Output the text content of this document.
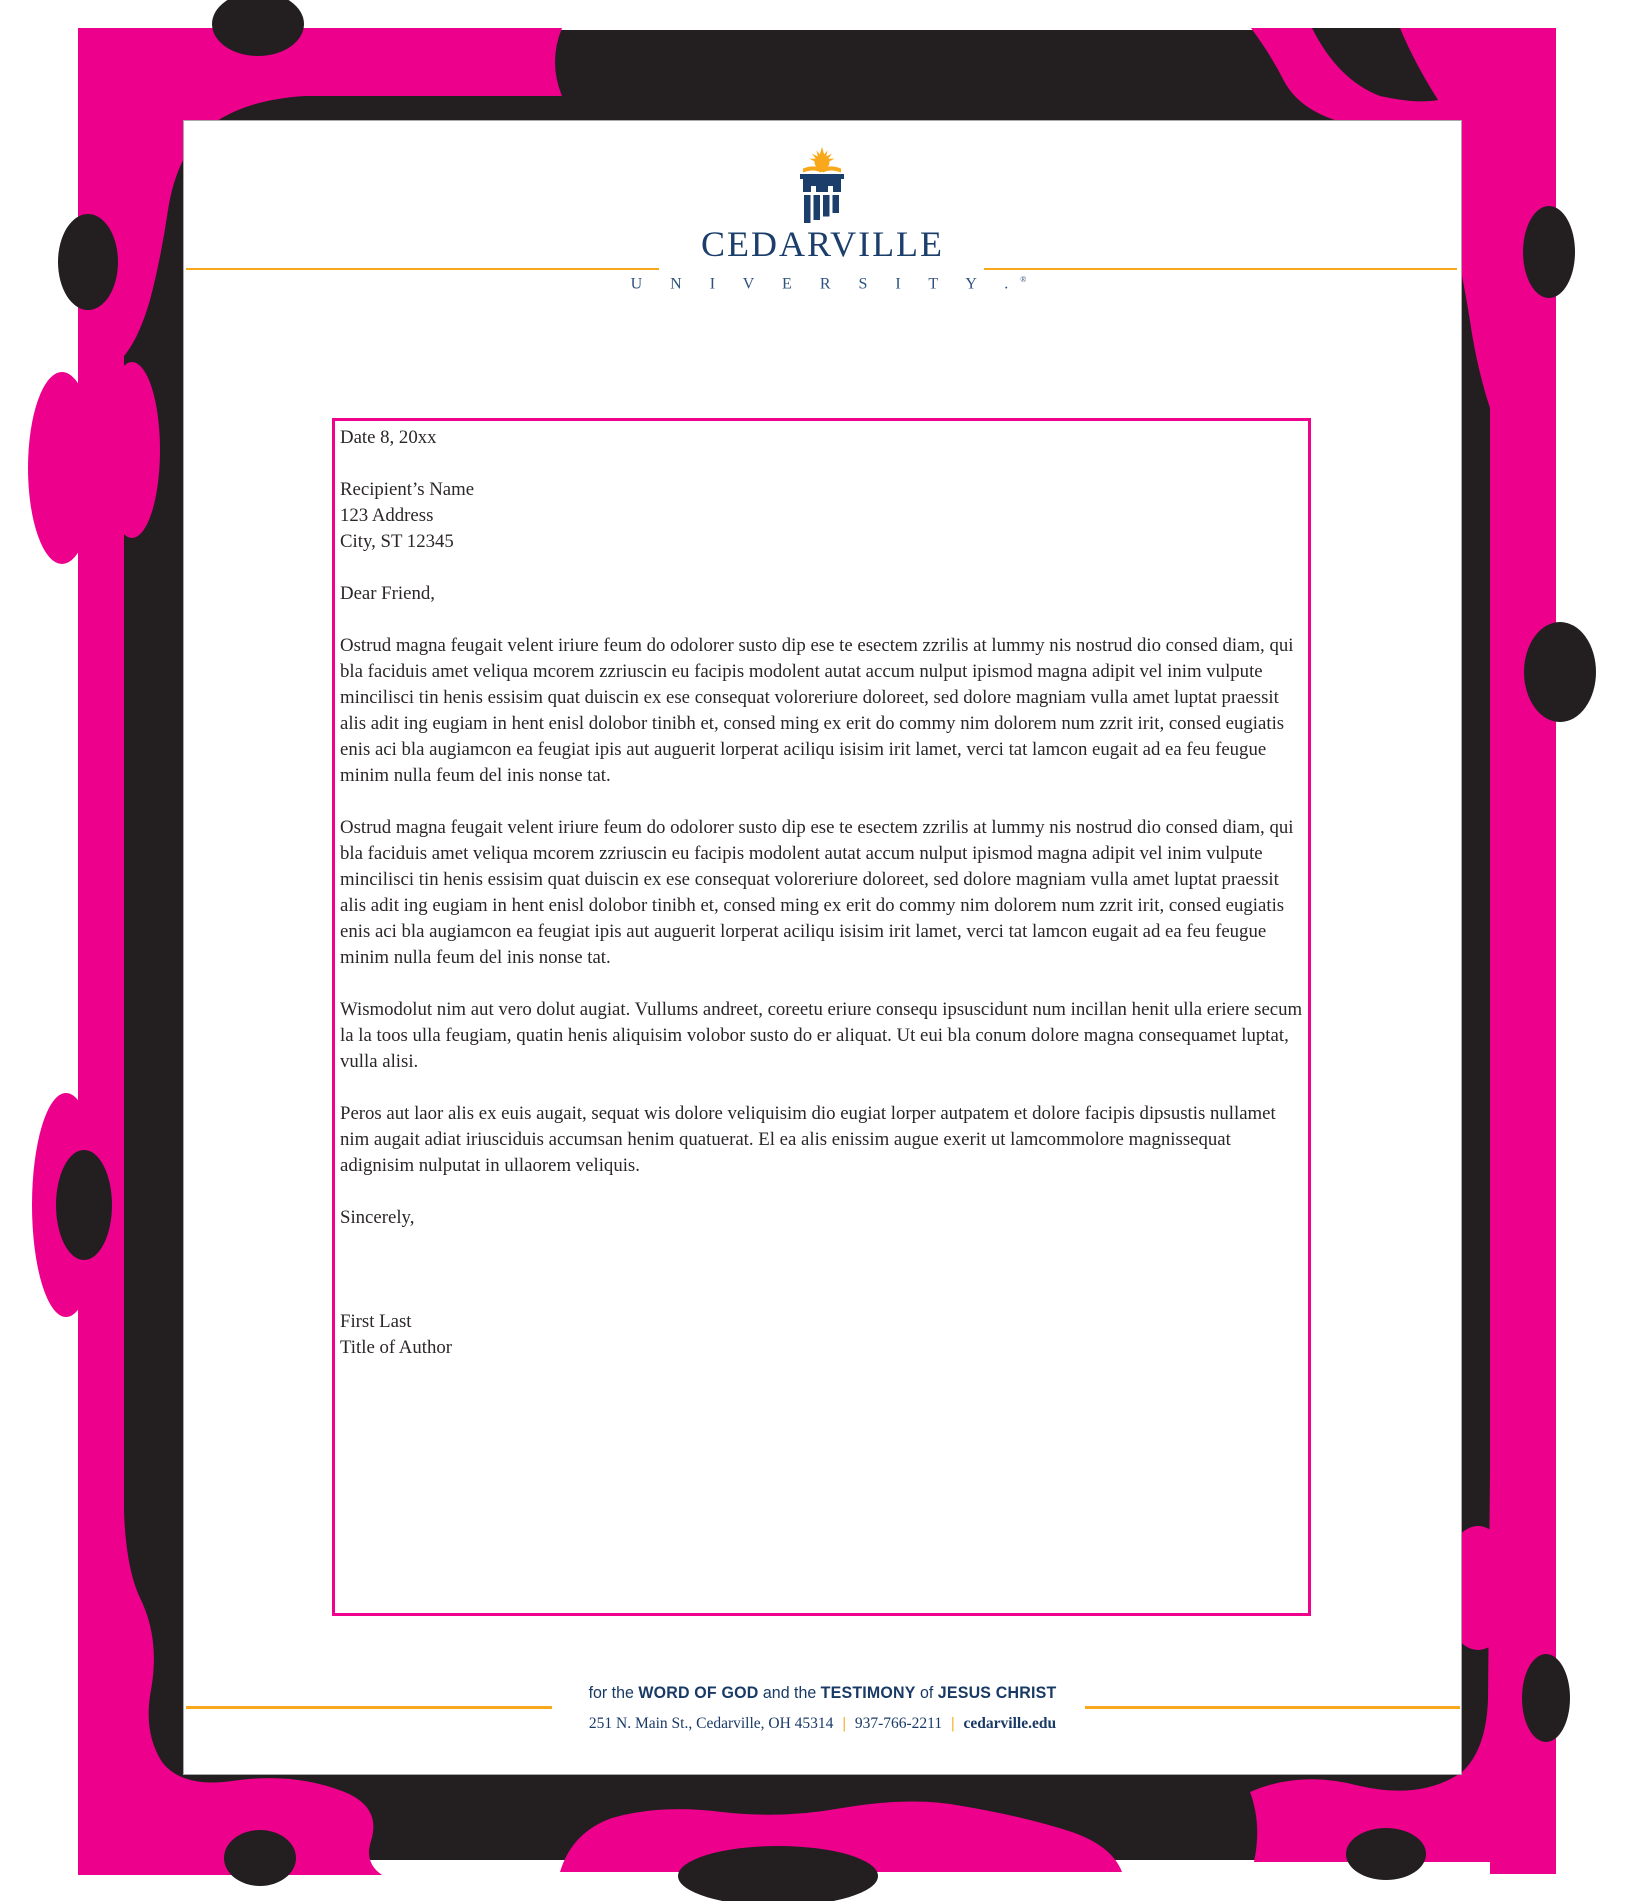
CEDARVILLE
U N I V E R S I T Y .®
Date 8, 20xx
Recipient’s Name
123 Address
City, ST 12345
Dear Friend,
Ostrud magna feugait velent iriure feum do odolorer susto dip ese te esectem zzrilis at lummy nis nostrud dio consed diam, qui bla faciduis amet veliqua mcorem zzriuscin eu facipis modolent autat accum nulput ipismod magna adipit vel inim vulpute mincilisci tin henis essisim quat duiscin ex ese consequat voloreriure doloreet, sed dolore magniam vulla amet luptat praessit alis adit ing eugiam in hent enisl dolobor tinibh et, consed ming ex erit do commy nim dolorem num zzrit irit, consed eugiatis enis aci bla augiamcon ea feugiat ipis aut auguerit lorperat aciliqu isisim irit lamet, verci tat lamcon eugait ad ea feu feugue minim nulla feum del inis nonse tat.
Ostrud magna feugait velent iriure feum do odolorer susto dip ese te esectem zzrilis at lummy nis nostrud dio consed diam, qui bla faciduis amet veliqua mcorem zzriuscin eu facipis modolent autat accum nulput ipismod magna adipit vel inim vulpute mincilisci tin henis essisim quat duiscin ex ese consequat voloreriure doloreet, sed dolore magniam vulla amet luptat praessit alis adit ing eugiam in hent enisl dolobor tinibh et, consed ming ex erit do commy nim dolorem num zzrit irit, consed eugiatis enis aci bla augiamcon ea feugiat ipis aut auguerit lorperat aciliqu isisim irit lamet, verci tat lamcon eugait ad ea feu feugue minim nulla feum del inis nonse tat.
Wismodolut nim aut vero dolut augiat. Vullums andreet, coreetu eriure consequ ipsuscidunt num incillan henit ulla eriere secum la la toos ulla feugiam, quatin henis aliquisim volobor susto do er aliquat. Ut eui bla conum dolore magna consequamet luptat, vulla alisi.
Peros aut laor alis ex euis augait, sequat wis dolore veliquisim dio eugiat lorper autpatem et dolore facipis dipsustis nullamet nim augait adiat iriusciduis accumsan henim quatuerat. El ea alis enissim augue exerit ut lamcommolore magnissequat adignisim nulputat in ullaorem veliquis.
Sincerely,
First Last
Title of Author
for the WORD OF GOD and the TESTIMONY of JESUS CHRIST
251 N. Main St., Cedarville, OH 45314 | 937-766-2211 | cedarville.edu
